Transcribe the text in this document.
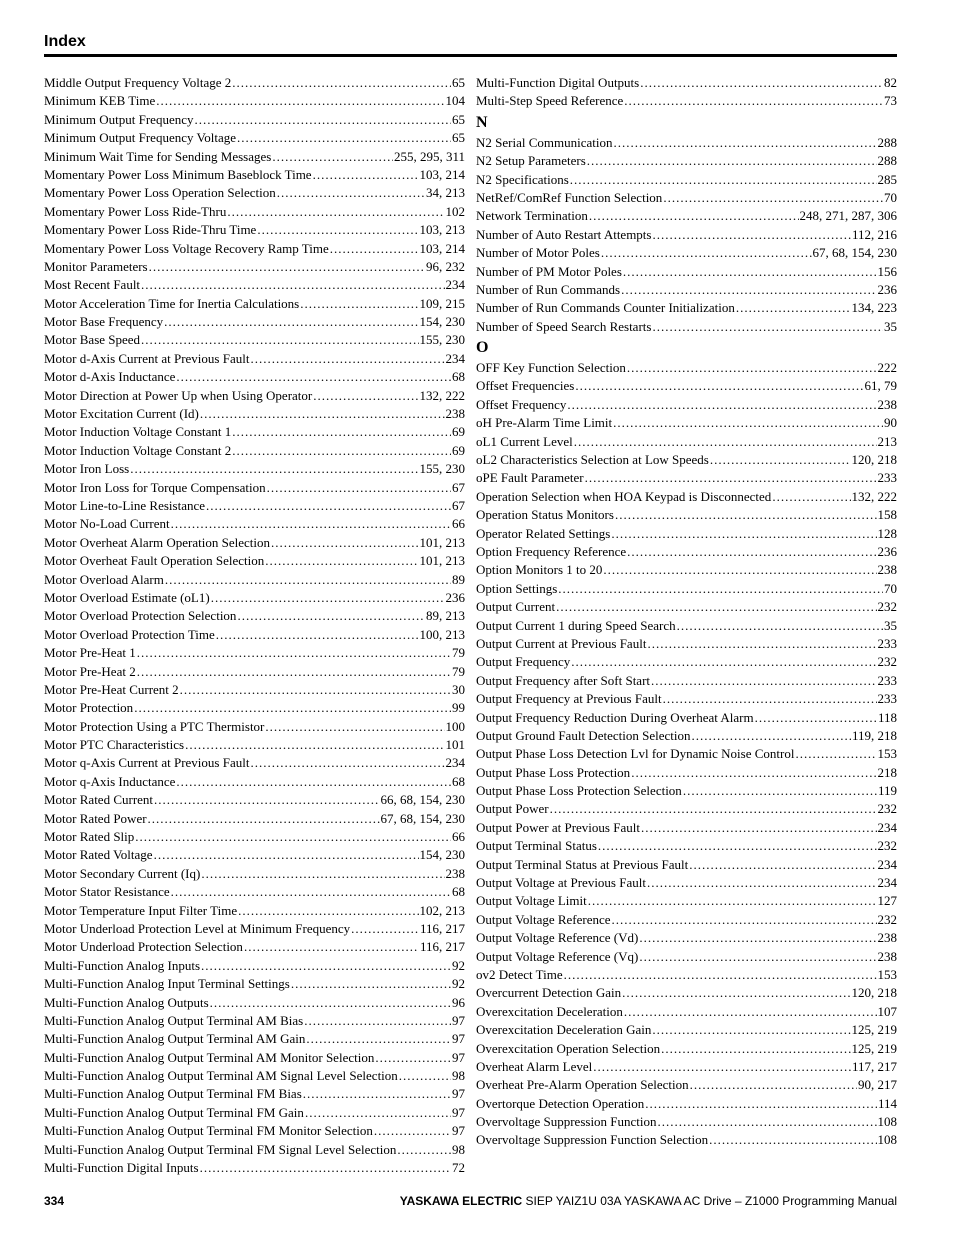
Index
Middle Output Frequency Voltage 2 .....	65
Minimum KEB Time .....	104
Minimum Output Frequency .....	65
Minimum Output Frequency Voltage .....	65
Minimum Wait Time for Sending Messages .....	255, 295, 311
Momentary Power Loss Minimum Baseblock Time .....	103, 214
Momentary Power Loss Operation Selection .....	34, 213
Momentary Power Loss Ride-Thru .....	102
Momentary Power Loss Ride-Thru Time .....	103, 213
Momentary Power Loss Voltage Recovery Ramp Time .....	103, 214
Monitor Parameters .....	96, 232
Most Recent Fault .....	234
Motor Acceleration Time for Inertia Calculations .....	109, 215
Motor Base Frequency .....	154, 230
Motor Base Speed .....	155, 230
Motor d-Axis Current at Previous Fault .....	234
Motor d-Axis Inductance .....	68
Motor Direction at Power Up when Using Operator .....	132, 222
Motor Excitation Current (Id) .....	238
Motor Induction Voltage Constant 1 .....	69
Motor Induction Voltage Constant 2 .....	69
Motor Iron Loss .....	155, 230
Motor Iron Loss for Torque Compensation .....	67
Motor Line-to-Line Resistance .....	67
Motor No-Load Current .....	66
Motor Overheat Alarm Operation Selection .....	101, 213
Motor Overheat Fault Operation Selection .....	101, 213
Motor Overload Alarm .....	89
Motor Overload Estimate (oL1) .....	236
Motor Overload Protection Selection .....	89, 213
Motor Overload Protection Time .....	100, 213
Motor Pre-Heat 1 .....	79
Motor Pre-Heat 2 .....	79
Motor Pre-Heat Current 2 .....	30
Motor Protection .....	99
Motor Protection Using a PTC Thermistor .....	100
Motor PTC Characteristics .....	101
Motor q-Axis Current at Previous Fault .....	234
Motor q-Axis Inductance .....	68
Motor Rated Current .....	66, 68, 154, 230
Motor Rated Power .....	67, 68, 154, 230
Motor Rated Slip .....	66
Motor Rated Voltage .....	154, 230
Motor Secondary Current (Iq) .....	238
Motor Stator Resistance .....	68
Motor Temperature Input Filter Time .....	102, 213
Motor Underload Protection Level at Minimum Frequency .....	116, 217
Motor Underload Protection Selection .....	116, 217
Multi-Function Analog Inputs .....	92
Multi-Function Analog Input Terminal Settings .....	92
Multi-Function Analog Outputs .....	96
Multi-Function Analog Output Terminal AM Bias .....	97
Multi-Function Analog Output Terminal AM Gain .....	97
Multi-Function Analog Output Terminal AM Monitor Selection .....	97
Multi-Function Analog Output Terminal AM Signal Level Selection .....	98
Multi-Function Analog Output Terminal FM Bias .....	97
Multi-Function Analog Output Terminal FM Gain .....	97
Multi-Function Analog Output Terminal FM Monitor Selection .....	97
Multi-Function Analog Output Terminal FM Signal Level Selection .....	98
Multi-Function Digital Inputs .....	72
Multi-Function Digital Outputs .....	82
Multi-Step Speed Reference .....	73
N
N2 Serial Communication .....	288
N2 Setup Parameters .....	288
N2 Specifications .....	285
NetRef/ComRef Function Selection .....	70
Network Termination .....	248, 271, 287, 306
Number of Auto Restart Attempts .....	112, 216
Number of Motor Poles .....	67, 68, 154, 230
Number of PM Motor Poles .....	156
Number of Run Commands .....	236
Number of Run Commands Counter Initialization .....	134, 223
Number of Speed Search Restarts .....	35
O
OFF Key Function Selection .....	222
Offset Frequencies .....	61, 79
Offset Frequency .....	238
oH Pre-Alarm Time Limit .....	90
oL1 Current Level .....	213
oL2 Characteristics Selection at Low Speeds .....	120, 218
oPE Fault Parameter .....	233
Operation Selection when HOA Keypad is Disconnected .....	132, 222
Operation Status Monitors .....	158
Operator Related Settings .....	128
Option Frequency Reference .....	236
Option Monitors 1 to 20 .....	238
Option Settings .....	70
Output Current .....	232
Output Current 1 during Speed Search .....	35
Output Current at Previous Fault .....	233
Output Frequency .....	232
Output Frequency after Soft Start .....	233
Output Frequency at Previous Fault .....	233
Output Frequency Reduction During Overheat Alarm .....	118
Output Ground Fault Detection Selection .....	119, 218
Output Phase Loss Detection Lvl for Dynamic Noise Control .....	153
Output Phase Loss Protection .....	218
Output Phase Loss Protection Selection .....	119
Output Power .....	232
Output Power at Previous Fault .....	234
Output Terminal Status .....	232
Output Terminal Status at Previous Fault .....	234
Output Voltage at Previous Fault .....	234
Output Voltage Limit .....	127
Output Voltage Reference .....	232
Output Voltage Reference (Vd) .....	238
Output Voltage Reference (Vq) .....	238
ov2 Detect Time .....	153
Overcurrent Detection Gain .....	120, 218
Overexcitation Deceleration .....	107
Overexcitation Deceleration Gain .....	125, 219
Overexcitation Operation Selection .....	125, 219
Overheat Alarm Level .....	117, 217
Overheat Pre-Alarm Operation Selection .....	90, 217
Overtorque Detection Operation .....	114
Overvoltage Suppression Function .....	108
Overvoltage Suppression Function Selection .....	108
334	YASKAWA ELECTRIC SIEP YAIZ1U 03A YASKAWA AC Drive – Z1000 Programming Manual
